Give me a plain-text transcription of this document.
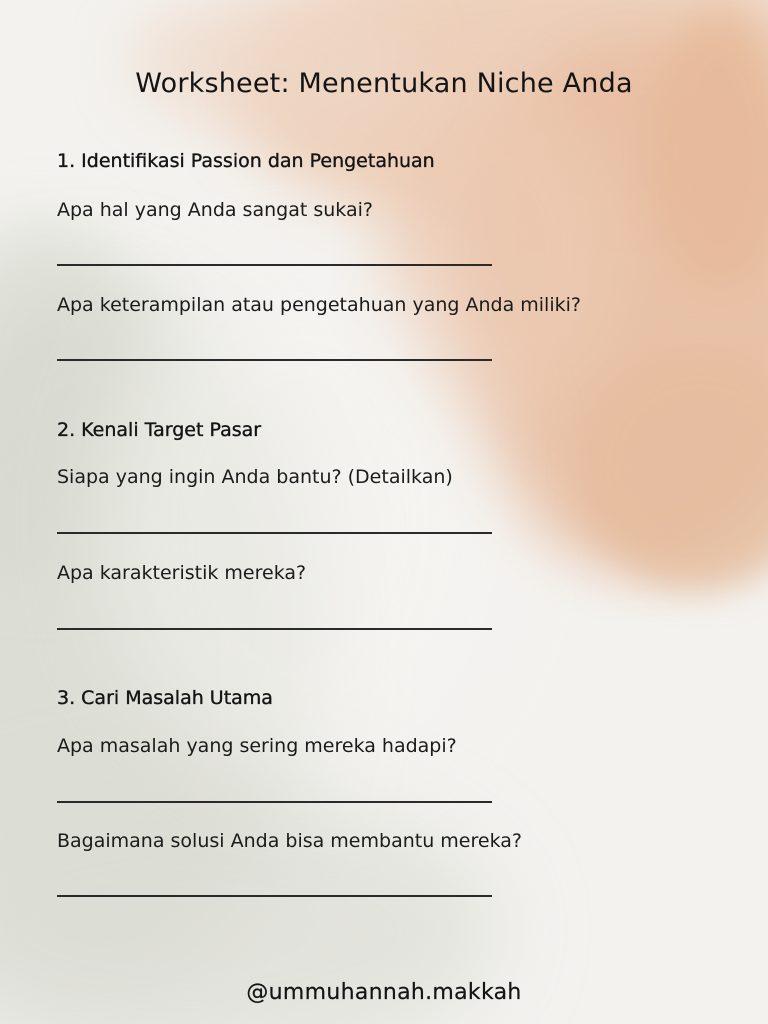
Worksheet: Menentukan Niche Anda
1. Identifikasi Passion dan Pengetahuan
Apa hal yang Anda sangat sukai?
Apa keterampilan atau pengetahuan yang Anda miliki?
2. Kenali Target Pasar
Siapa yang ingin Anda bantu? (Detailkan)
Apa karakteristik mereka?
3. Cari Masalah Utama
Apa masalah yang sering mereka hadapi?
Bagaimana solusi Anda bisa membantu mereka?
@ummuhannah.makkah
